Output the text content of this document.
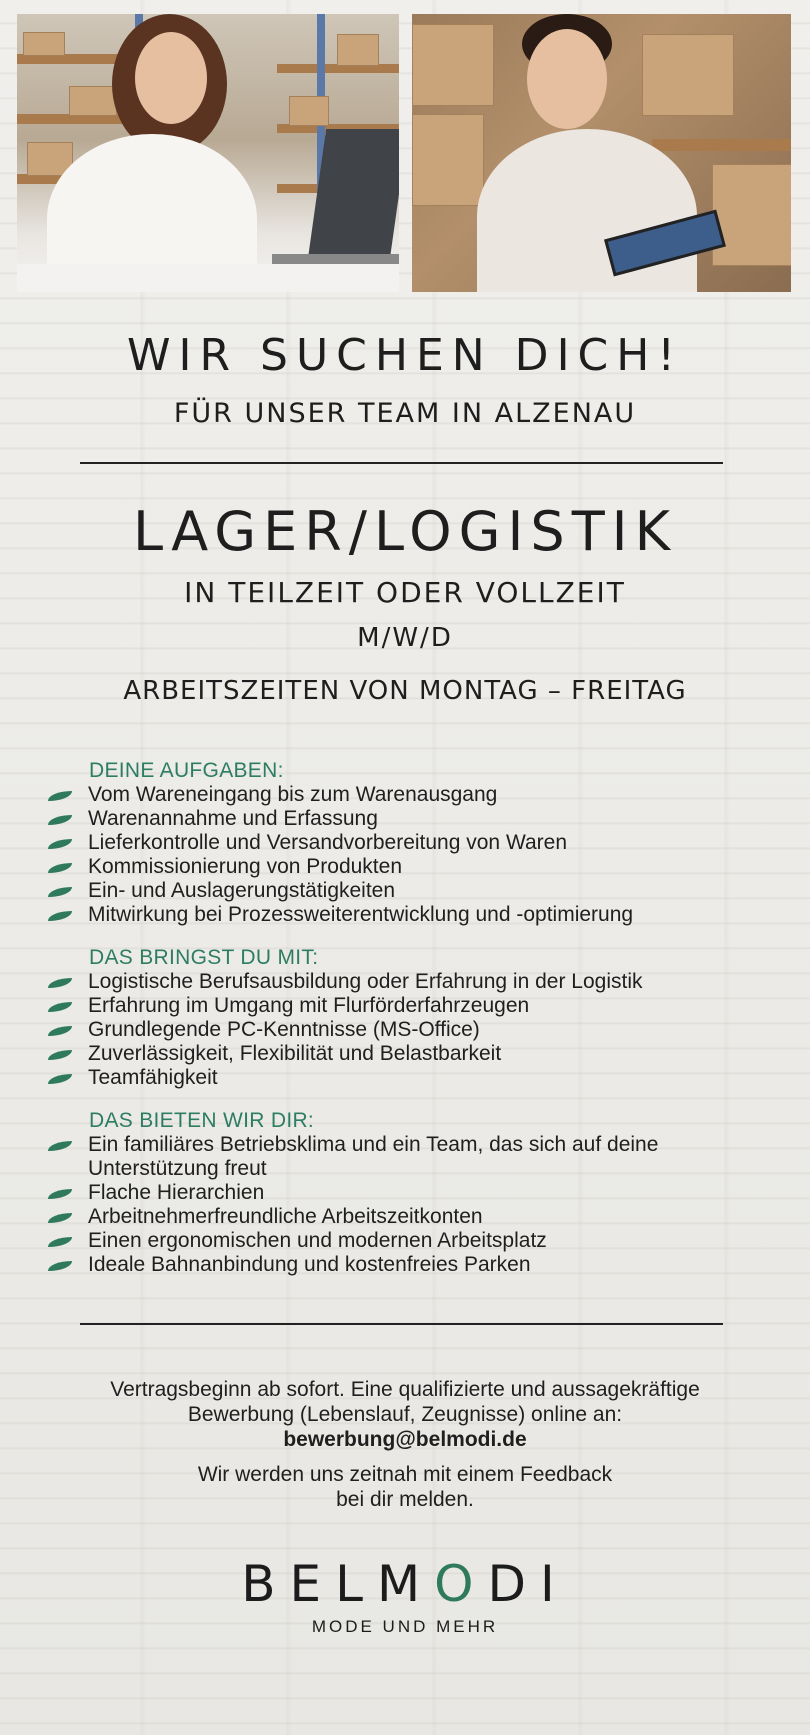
WIR SUCHEN DICH!
FÜR UNSER TEAM IN ALZENAU
LAGER/LOGISTIK
IN TEILZEIT ODER VOLLZEIT
M/W/D
ARBEITSZEITEN VON MONTAG – FREITAG
DEINE AUFGABEN:
Vom Wareneingang bis zum Warenausgang
Warenannahme und Erfassung
Lieferkontrolle und Versandvorbereitung von Waren
Kommissionierung von Produkten
Ein- und Auslagerungstätigkeiten
Mitwirkung bei Prozessweiterentwicklung und -optimierung
DAS BRINGST DU MIT:
Logistische Berufsausbildung oder Erfahrung in der Logistik
Erfahrung im Umgang mit Flurförderfahrzeugen
Grundlegende PC-Kenntnisse (MS-Office)
Zuverlässigkeit, Flexibilität und Belastbarkeit
Teamfähigkeit
DAS BIETEN WIR DIR:
Ein familiäres Betriebsklima und ein Team, das sich auf deine Unterstützung freut
Flache Hierarchien
Arbeitnehmerfreundliche Arbeitszeitkonten
Einen ergonomischen und modernen Arbeitsplatz
Ideale Bahnanbindung und kostenfreies Parken
Vertragsbeginn ab sofort. Eine qualifizierte und aussagekräftige
Bewerbung (Lebenslauf, Zeugnisse) online an:
bewerbung@belmodi.de
Wir werden uns zeitnah mit einem Feedback
bei dir melden.
BELMODI
MODE UND MEHR
